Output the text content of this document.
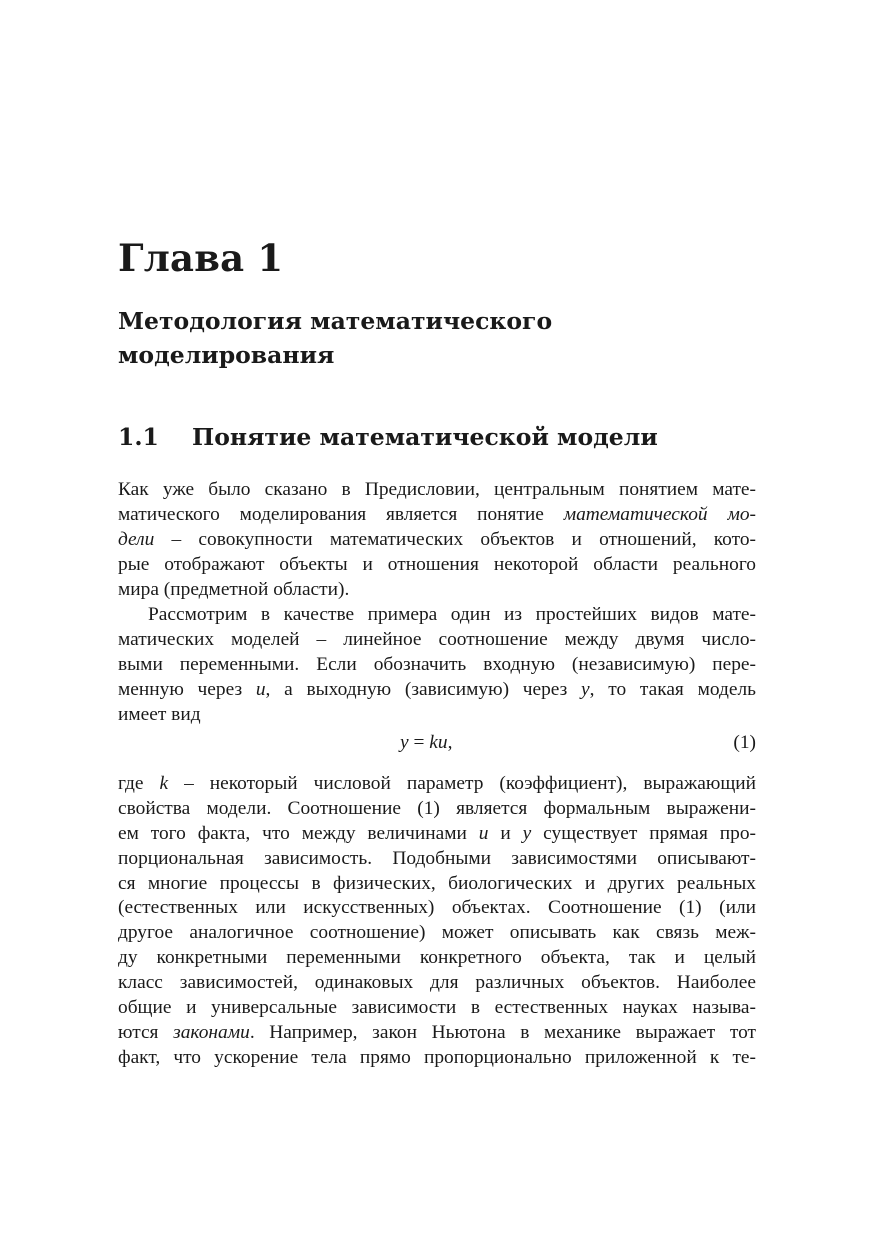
Глава 1
Методология математического
моделирования
1.1 Понятие математической модели

Как уже было сказано в Предисловии, центральным понятием мате-
матического моделирования является понятие математической мо-
дели – совокупности математических объектов и отношений, кото-
рые отображают объекты и отношения некоторой области реального
мира (предметной области).

Рассмотрим в качестве примера один из простейших видов мате-
матических моделей – линейное соотношение между двумя число-
выми переменными. Если обозначить входную (независимую) пере-
менную через u, а выходную (зависимую) через y, то такая модель
имеет вид

y = ku,	(1)

где k – некоторый числовой параметр (коэффициент), выражающий
свойства модели. Соотношение (1) является формальным выражени-
ем того факта, что между величинами u и y существует прямая про-
порциональная зависимость. Подобными зависимостями описывают-
ся многие процессы в физических, биологических и других реальных
(естественных или искусственных) объектах. Соотношение (1) (или
другое аналогичное соотношение) может описывать как связь меж-
ду конкретными переменными конкретного объекта, так и целый
класс зависимостей, одинаковых для различных объектов. Наиболее
общие и универсальные зависимости в естественных науках называ-
ются законами. Например, закон Ньютона в механике выражает тот
факт, что ускорение тела прямо пропорционально приложенной к те-
